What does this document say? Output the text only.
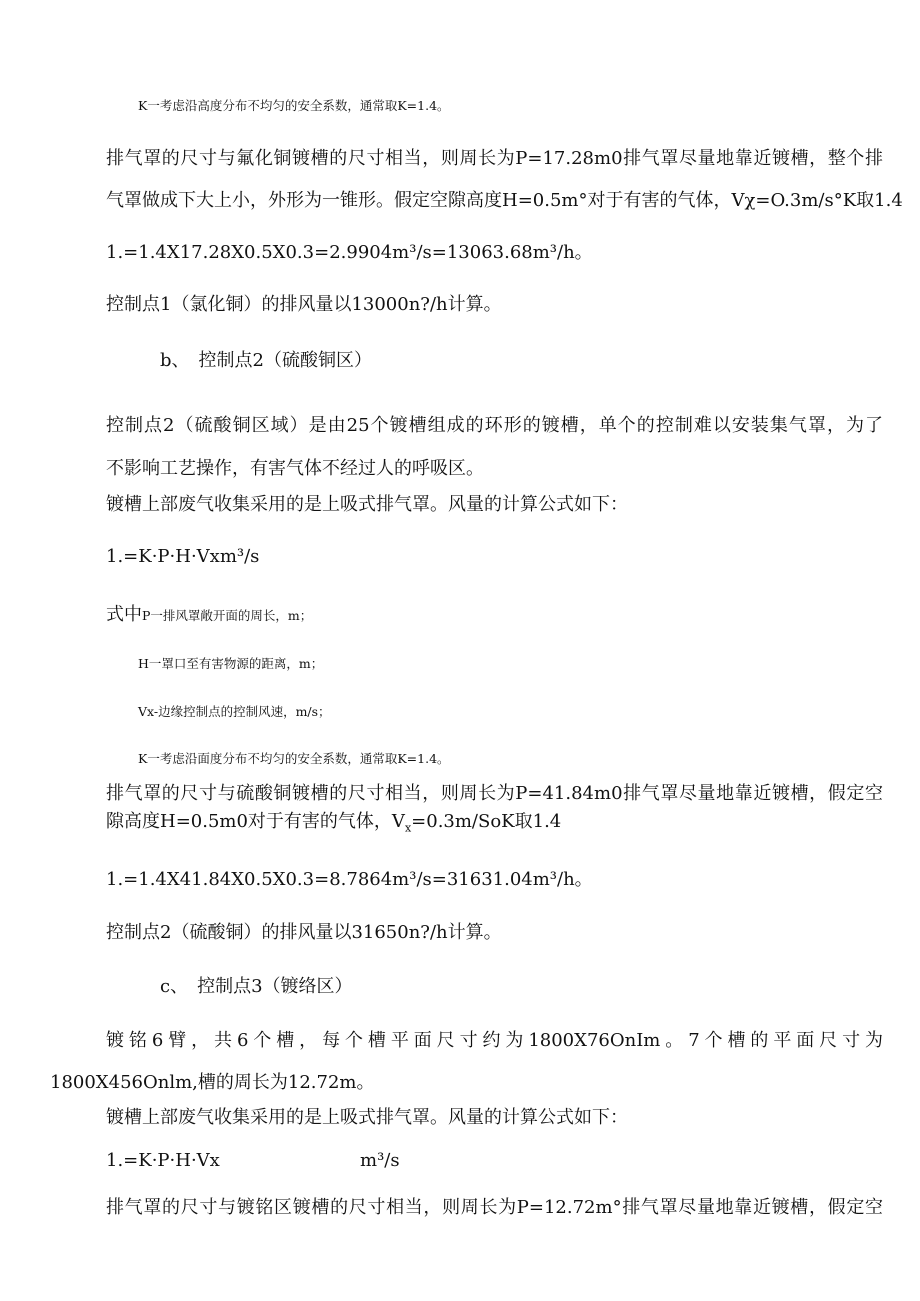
K一考虑沿高度分布不均匀的安全系数，通常取K=1.4。
排气罩的尺寸与氟化铜镀槽的尺寸相当，则周长为P=17.28m0排气罩尽量地靠近镀槽，整个排
气罩做成下大上小，外形为一锥形。假定空隙高度H=0.5m°对于有害的气体，Vχ=O.3m∕s°K取1.4
1.=1.4X17.28X0.5X0.3=2.9904m³∕s=13063.68m³∕h。
控制点1（氯化铜）的排风量以13000n?/h计算。
b、　控制点2（硫酸铜区）
控制点2（硫酸铜区域）是由25个镀槽组成的环形的镀槽，单个的控制难以安装集气罩，为了
不影响工艺操作，有害气体不经过人的呼吸区。
镀槽上部废气收集采用的是上吸式排气罩。风量的计算公式如下：
1.=K·P·H·Vxm³∕s
式中P一排风罩敞开面的周长，m；
H一罩口至有害物源的距离，m；
Vx-边缘控制点的控制风速，m/s；
K一考虑沿面度分布不均匀的安全系数，通常取K=1.4。
排气罩的尺寸与硫酸铜镀槽的尺寸相当，则周长为P=41.84m0排气罩尽量地靠近镀槽，假定空
隙高度H=0.5m0对于有害的气体，$V_x=0.3m∕SoK$取1.4
1.=1.4X41.84X0.5X0.3=8.7864m³∕s=31631.04m³∕h。
控制点2（硫酸铜）的排风量以31650n?/h计算。
c、　控制点3（镀络区）
镀铭6臂，共6个槽，每个槽平面尺寸约为1800X76OnIm。7个槽的平面尺寸为
1800X456Onlm,槽的周长为12.72m。
镀槽上部废气收集采用的是上吸式排气罩。风量的计算公式如下：
1.=K·P·H·Vx	m³∕s
排气罩的尺寸与镀铭区镀槽的尺寸相当，则周长为P=12.72m°排气罩尽量地靠近镀槽，假定空
